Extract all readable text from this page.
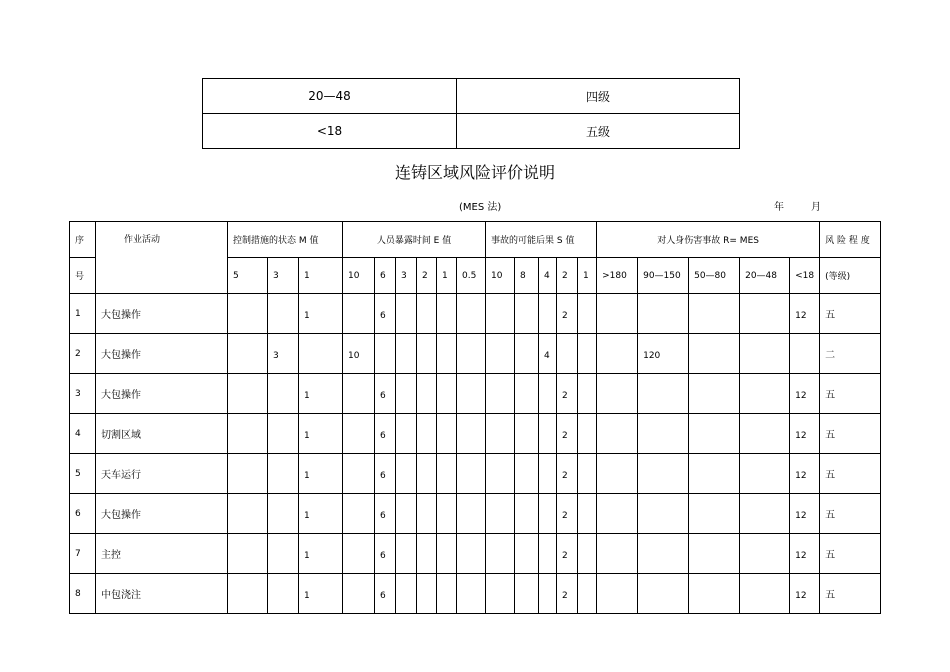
20—48	四级
<18	五级
连铸区域风险评价说明
(MES 法)	年	月
序	作业活动	控制措施的状态 M 值			人员暴露时间 E 值						事故的可能后果 S 值					对人身伤害事故 R= MES					风 险 程 度
号		5	3	1	10	6	3	2	1	0.5	10	8	4	2	1	>180	90—150	50—80	20—48	<18	(等级)
1	大包操作			1		6								2						12	五
2	大包操作		3		10								4				120				二
3	大包操作			1		6								2						12	五
4	切割区域			1		6								2						12	五
5	天车运行			1		6								2						12	五
6	大包操作			1		6								2						12	五
7	主控			1		6								2						12	五
8	中包浇注			1		6								2						12	五
